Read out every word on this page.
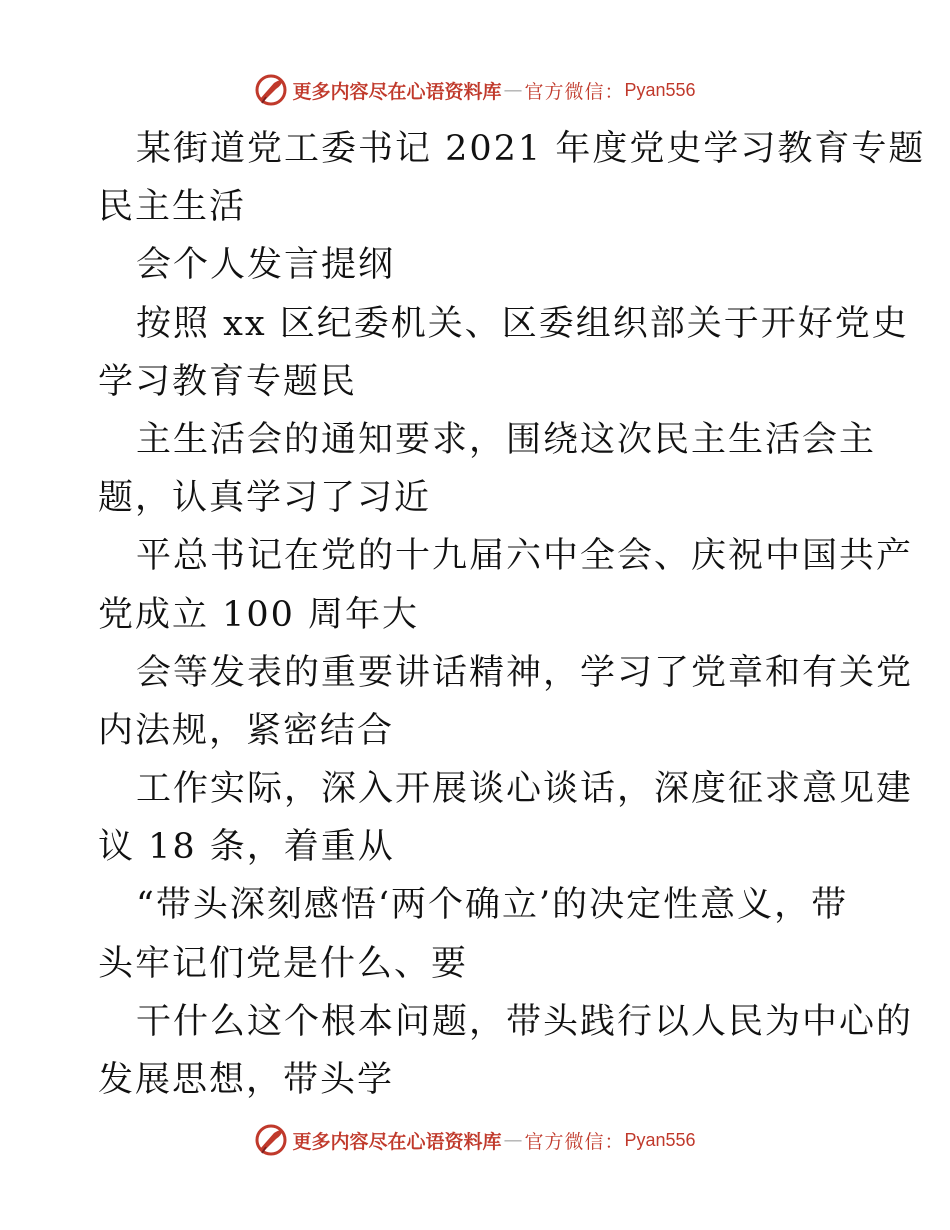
更多内容尽在心语资料库 — 官方微信： Pyan556
某街道党工委书记 2021 年度党史学习教育专题
民主生活
会个人发言提纲
按照 xx 区纪委机关、区委组织部关于开好党史
学习教育专题民
主生活会的通知要求，围绕这次民主生活会主
题，认真学习了习近
平总书记在党的十九届六中全会、庆祝中国共产
党成立 100 周年大
会等发表的重要讲话精神，学习了党章和有关党
内法规，紧密结合
工作实际，深入开展谈心谈话，深度征求意见建
议 18 条，着重从
“带头深刻感悟‘两个确立’的决定性意义，带
头牢记们党是什么、要
干什么这个根本问题，带头践行以人民为中心的
发展思想，带头学
更多内容尽在心语资料库 — 官方微信： Pyan556
